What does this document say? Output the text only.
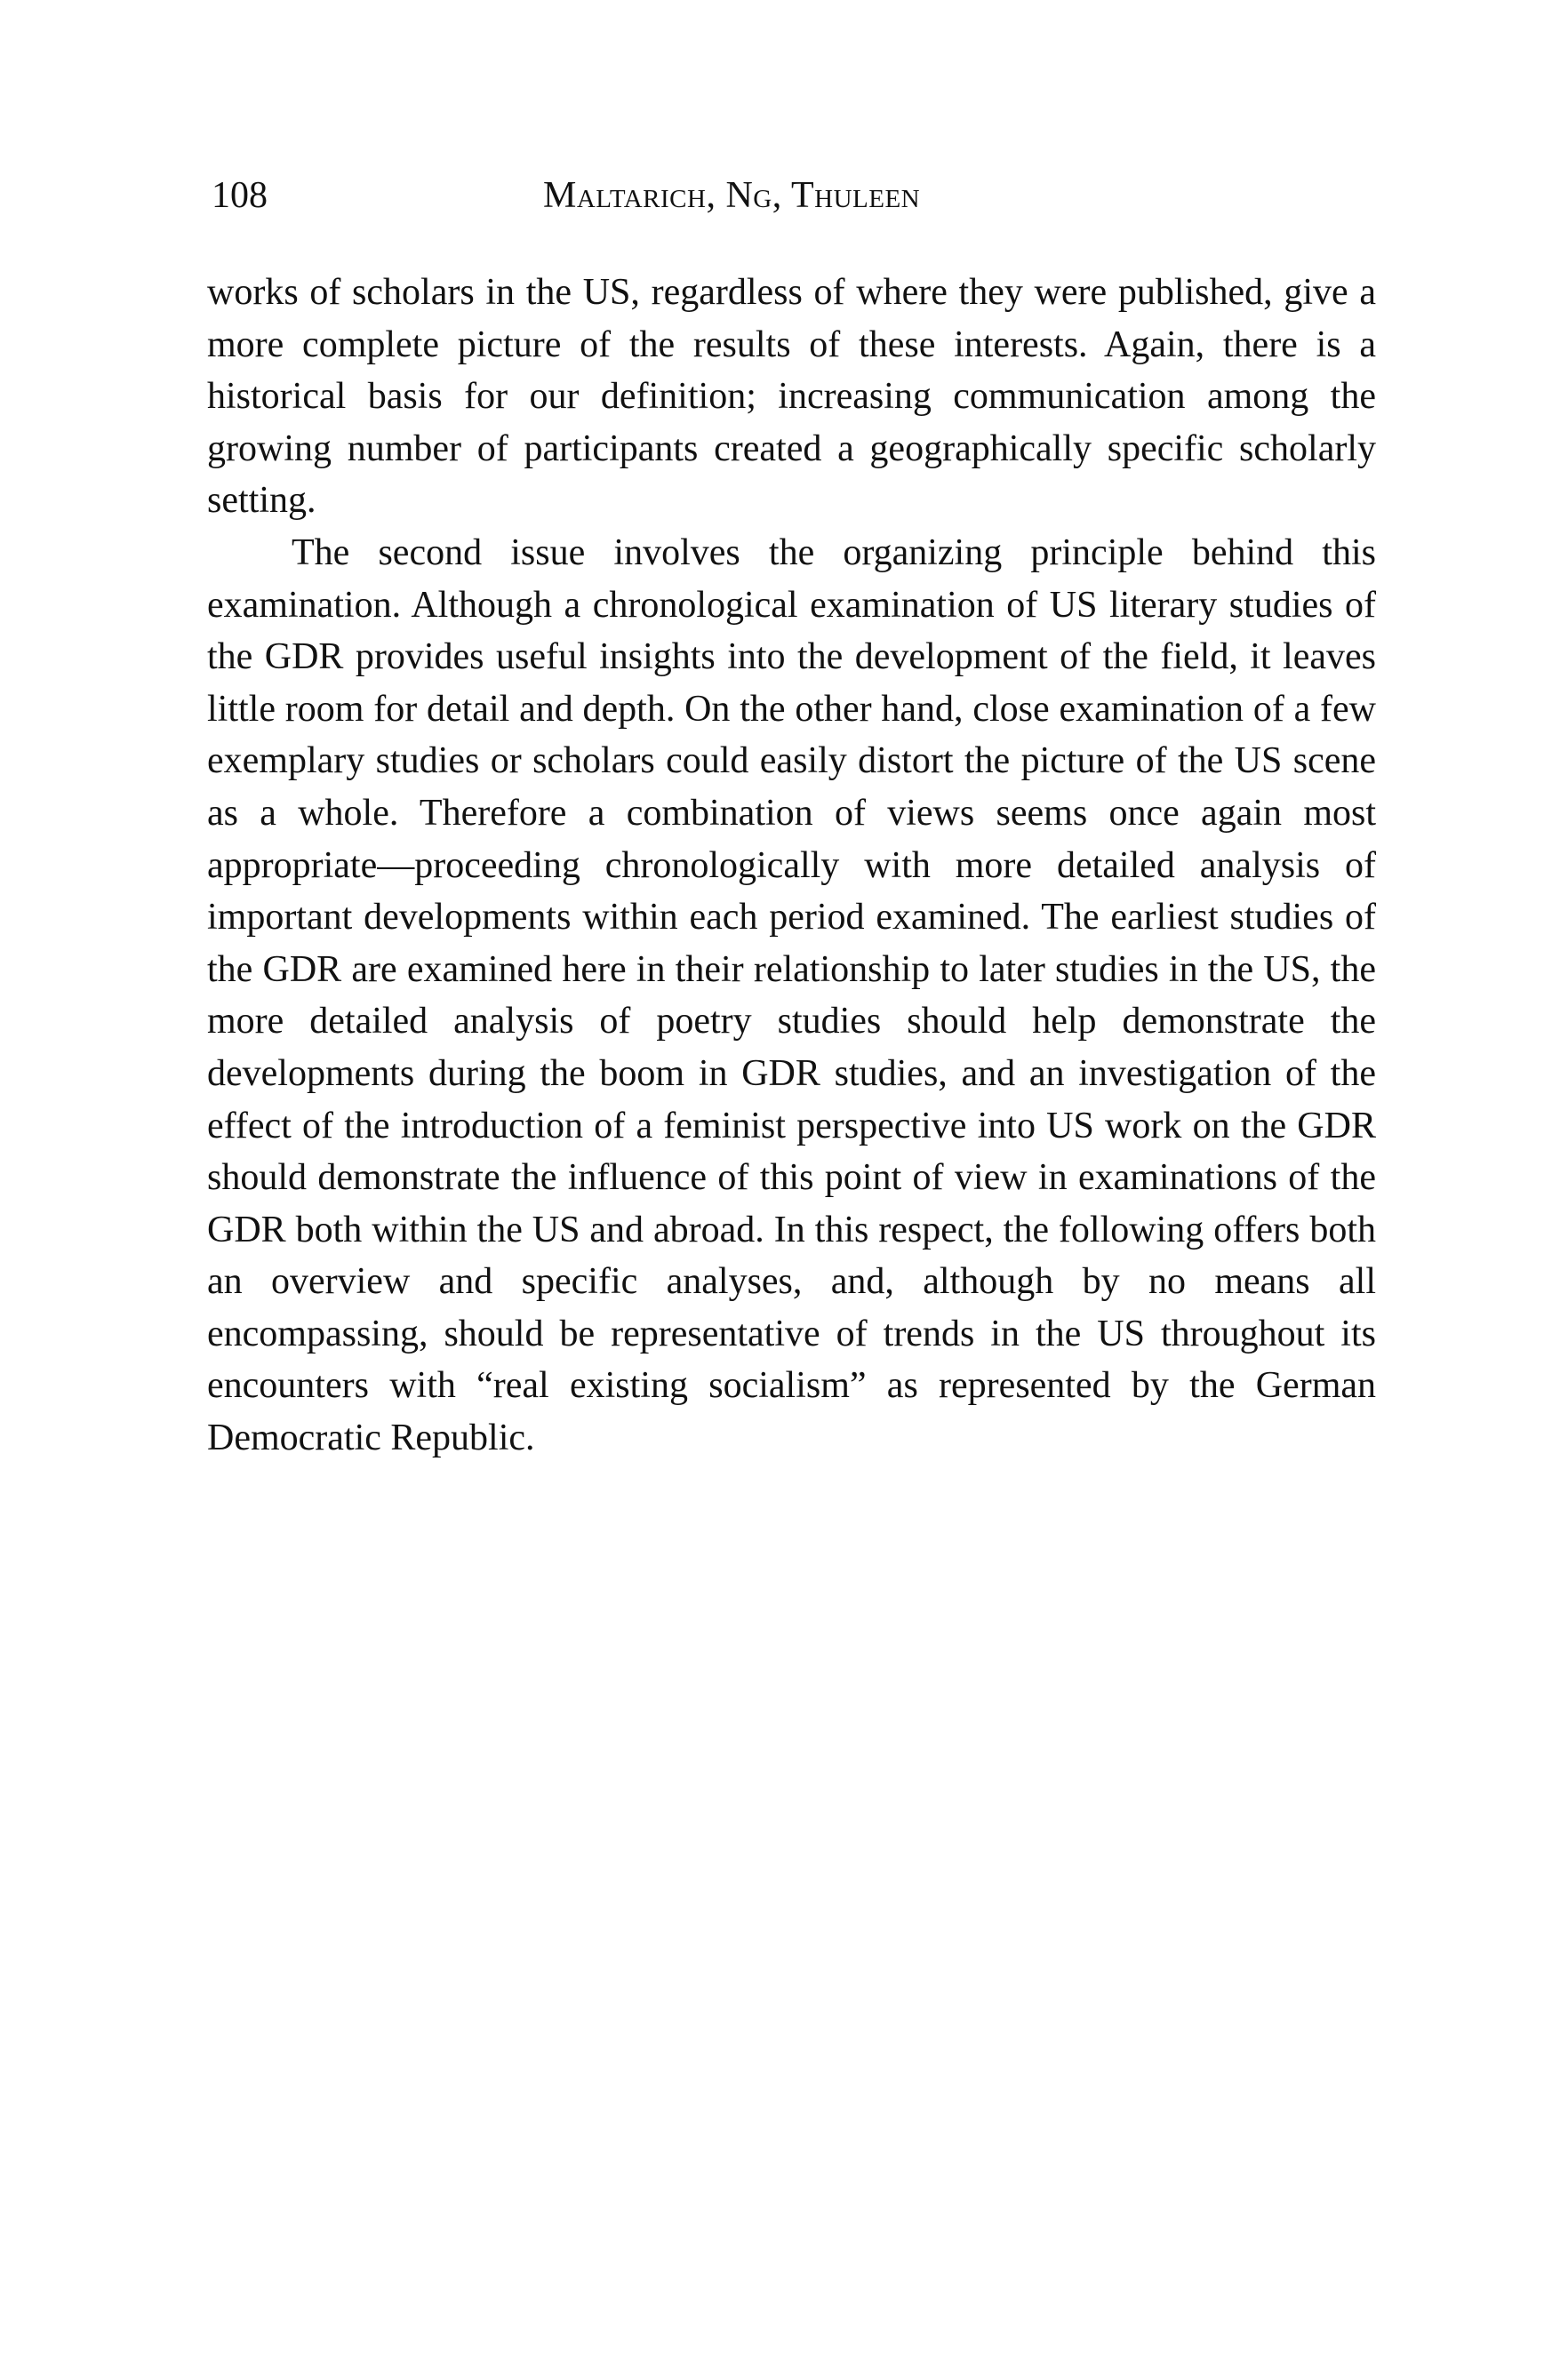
108	Maltarich, Ng, Thuleen

works of scholars in the US, regardless of where they were published, give a more complete picture of the results of these interests. Again, there is a historical basis for our definition; increasing communication among the growing number of participants created a geographically specific scholarly setting.

The second issue involves the organizing principle behind this examination. Although a chronological examination of US literary studies of the GDR provides useful insights into the development of the field, it leaves little room for detail and depth. On the other hand, close examination of a few exemplary studies or scholars could easily distort the picture of the US scene as a whole. Therefore a combination of views seems once again most appropriate—proceeding chronologically with more detailed analysis of important developments within each period examined. The earliest studies of the GDR are examined here in their relationship to later studies in the US, the more detailed analysis of poetry studies should help demonstrate the developments during the boom in GDR studies, and an investigation of the effect of the introduction of a feminist perspective into US work on the GDR should demonstrate the influence of this point of view in examinations of the GDR both within the US and abroad. In this respect, the following offers both an overview and specific analyses, and, although by no means all encompassing, should be representative of trends in the US throughout its encounters with “real existing socialism” as represented by the German Democratic Republic.
